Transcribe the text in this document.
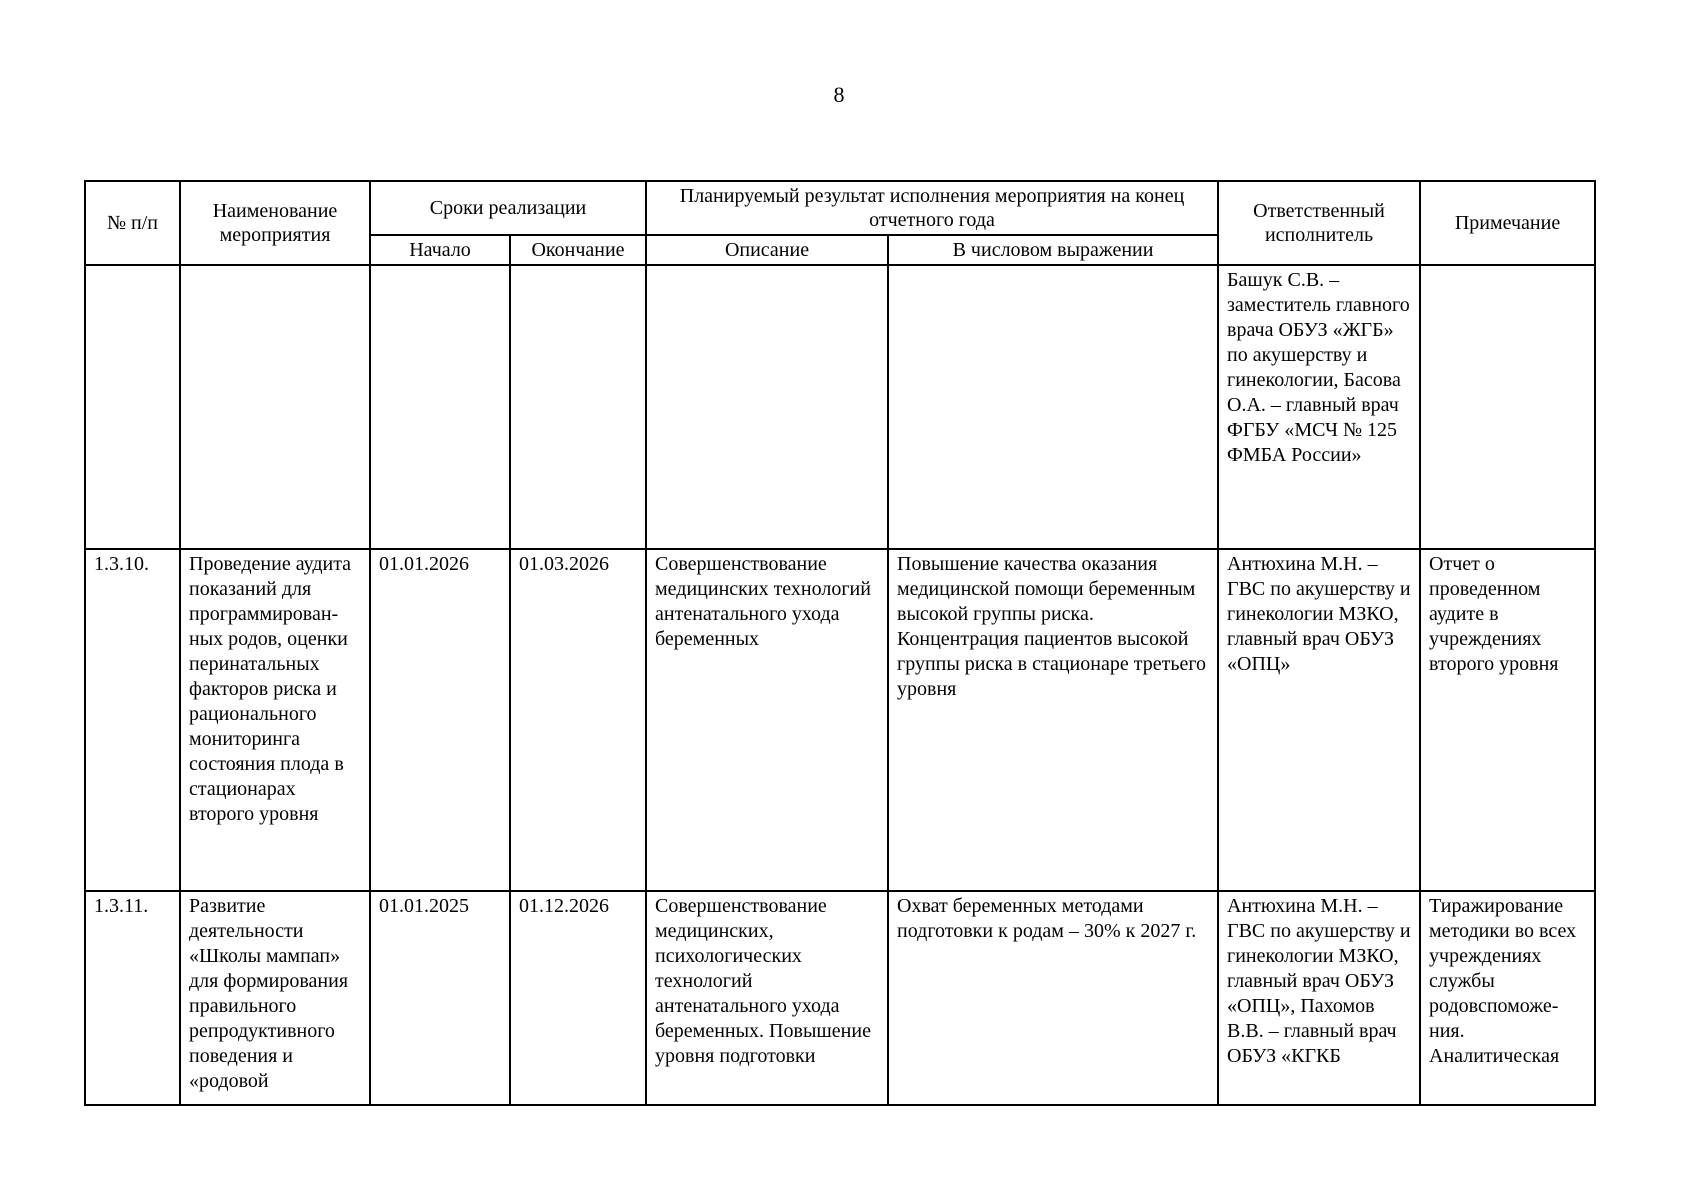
8
№ п/п	Наименование мероприятия	Сроки реализации		Планируемый результат исполнения мероприятия на конец отчетного года		Ответственный исполнитель	Примечание
		Начало	Окончание	Описание	В числовом выражении		
						Башук С.В. – заместитель главного врача ОБУЗ «ЖГБ» по акушерству и гинекологии, Басова О.А. – главный врач ФГБУ «МСЧ № 125 ФМБА России»	
1.3.10.	Проведение аудита показаний для программирован-ных родов, оценки перинатальных факторов риска и рационального мониторинга состояния плода в стационарах второго уровня	01.01.2026	01.03.2026	Совершенствование медицинских технологий антенатального ухода беременных	Повышение качества оказания медицинской помощи беременным высокой группы риска. Концентрация пациентов высокой группы риска в стационаре третьего уровня	Антюхина М.Н. – ГВС по акушерству и гинекологии МЗКО, главный врач ОБУЗ «ОПЦ»	Отчет о проведенном аудите в учреждениях второго уровня
1.3.11.	Развитие деятельности «Школы мампап» для формирования правильного репродуктивного поведения и «родовой	01.01.2025	01.12.2026	Совершенствование медицинских, психологических технологий антенатального ухода беременных. Повышение уровня подготовки	Охват беременных методами подготовки к родам – 30% к 2027 г.	Антюхина М.Н. – ГВС по акушерству и гинекологии МЗКО, главный врач ОБУЗ «ОПЦ», Пахомов В.В. – главный врач ОБУЗ «КГКБ	Тиражирование методики во всех учреждениях службы родовспоможе-ния. Аналитическая
